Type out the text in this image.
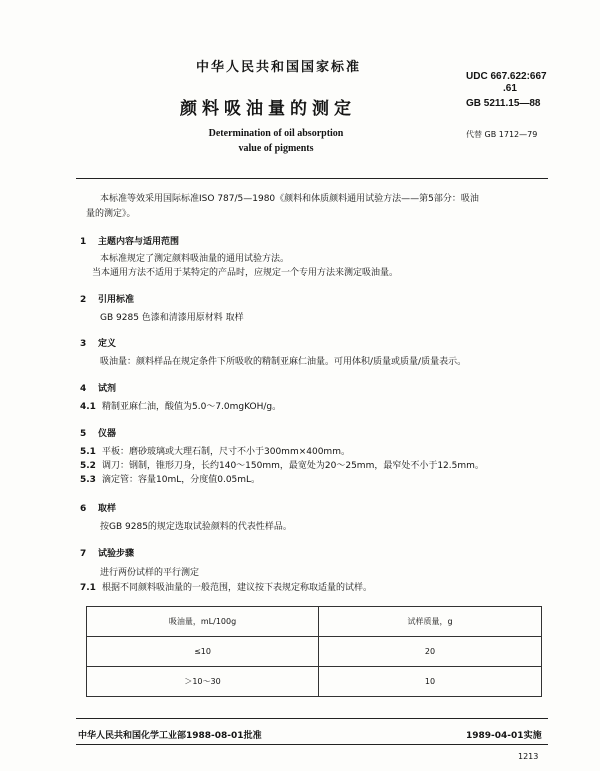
中华人民共和国国家标准
颜料吸油量的测定
Determination of oil absorption
value of pigments
UDC 667.622:667
.61
GB 5211.15—88
代替 GB 1712—79
本标准等效采用国际标准ISO 787/5—1980《颜料和体质颜料通用试验方法——第5部分：吸油
量的测定》。
1 主题内容与适用范围
本标准规定了测定颜料吸油量的通用试验方法。
当本通用方法不适用于某特定的产品时，应规定一个专用方法来测定吸油量。
2 引用标准
GB 9285 色漆和清漆用原材料 取样
3 定义
吸油量：颜料样品在规定条件下所吸收的精制亚麻仁油量。可用体积/质量或质量/质量表示。
4 试剂
4.1 精制亚麻仁油，酸值为5.0～7.0mgKOH/g。
5 仪器
5.1 平板：磨砂玻璃或大理石制，尺寸不小于300mm×400mm。
5.2 调刀：钢制，锥形刀身，长约140～150mm，最宽处为20～25mm，最窄处不小于12.5mm。
5.3 滴定管：容量10mL，分度值0.05mL。
6 取样
按GB 9285的规定选取试验颜料的代表性样品。
7 试验步骤
进行两份试样的平行测定
7.1 根据不同颜料吸油量的一般范围，建议按下表规定称取适量的试样。
吸油量，mL/100g	试样质量，g
≤10	20
＞10～30	10
中华人民共和国化学工业部1988-08-01批准	1989-04-01实施
1213
